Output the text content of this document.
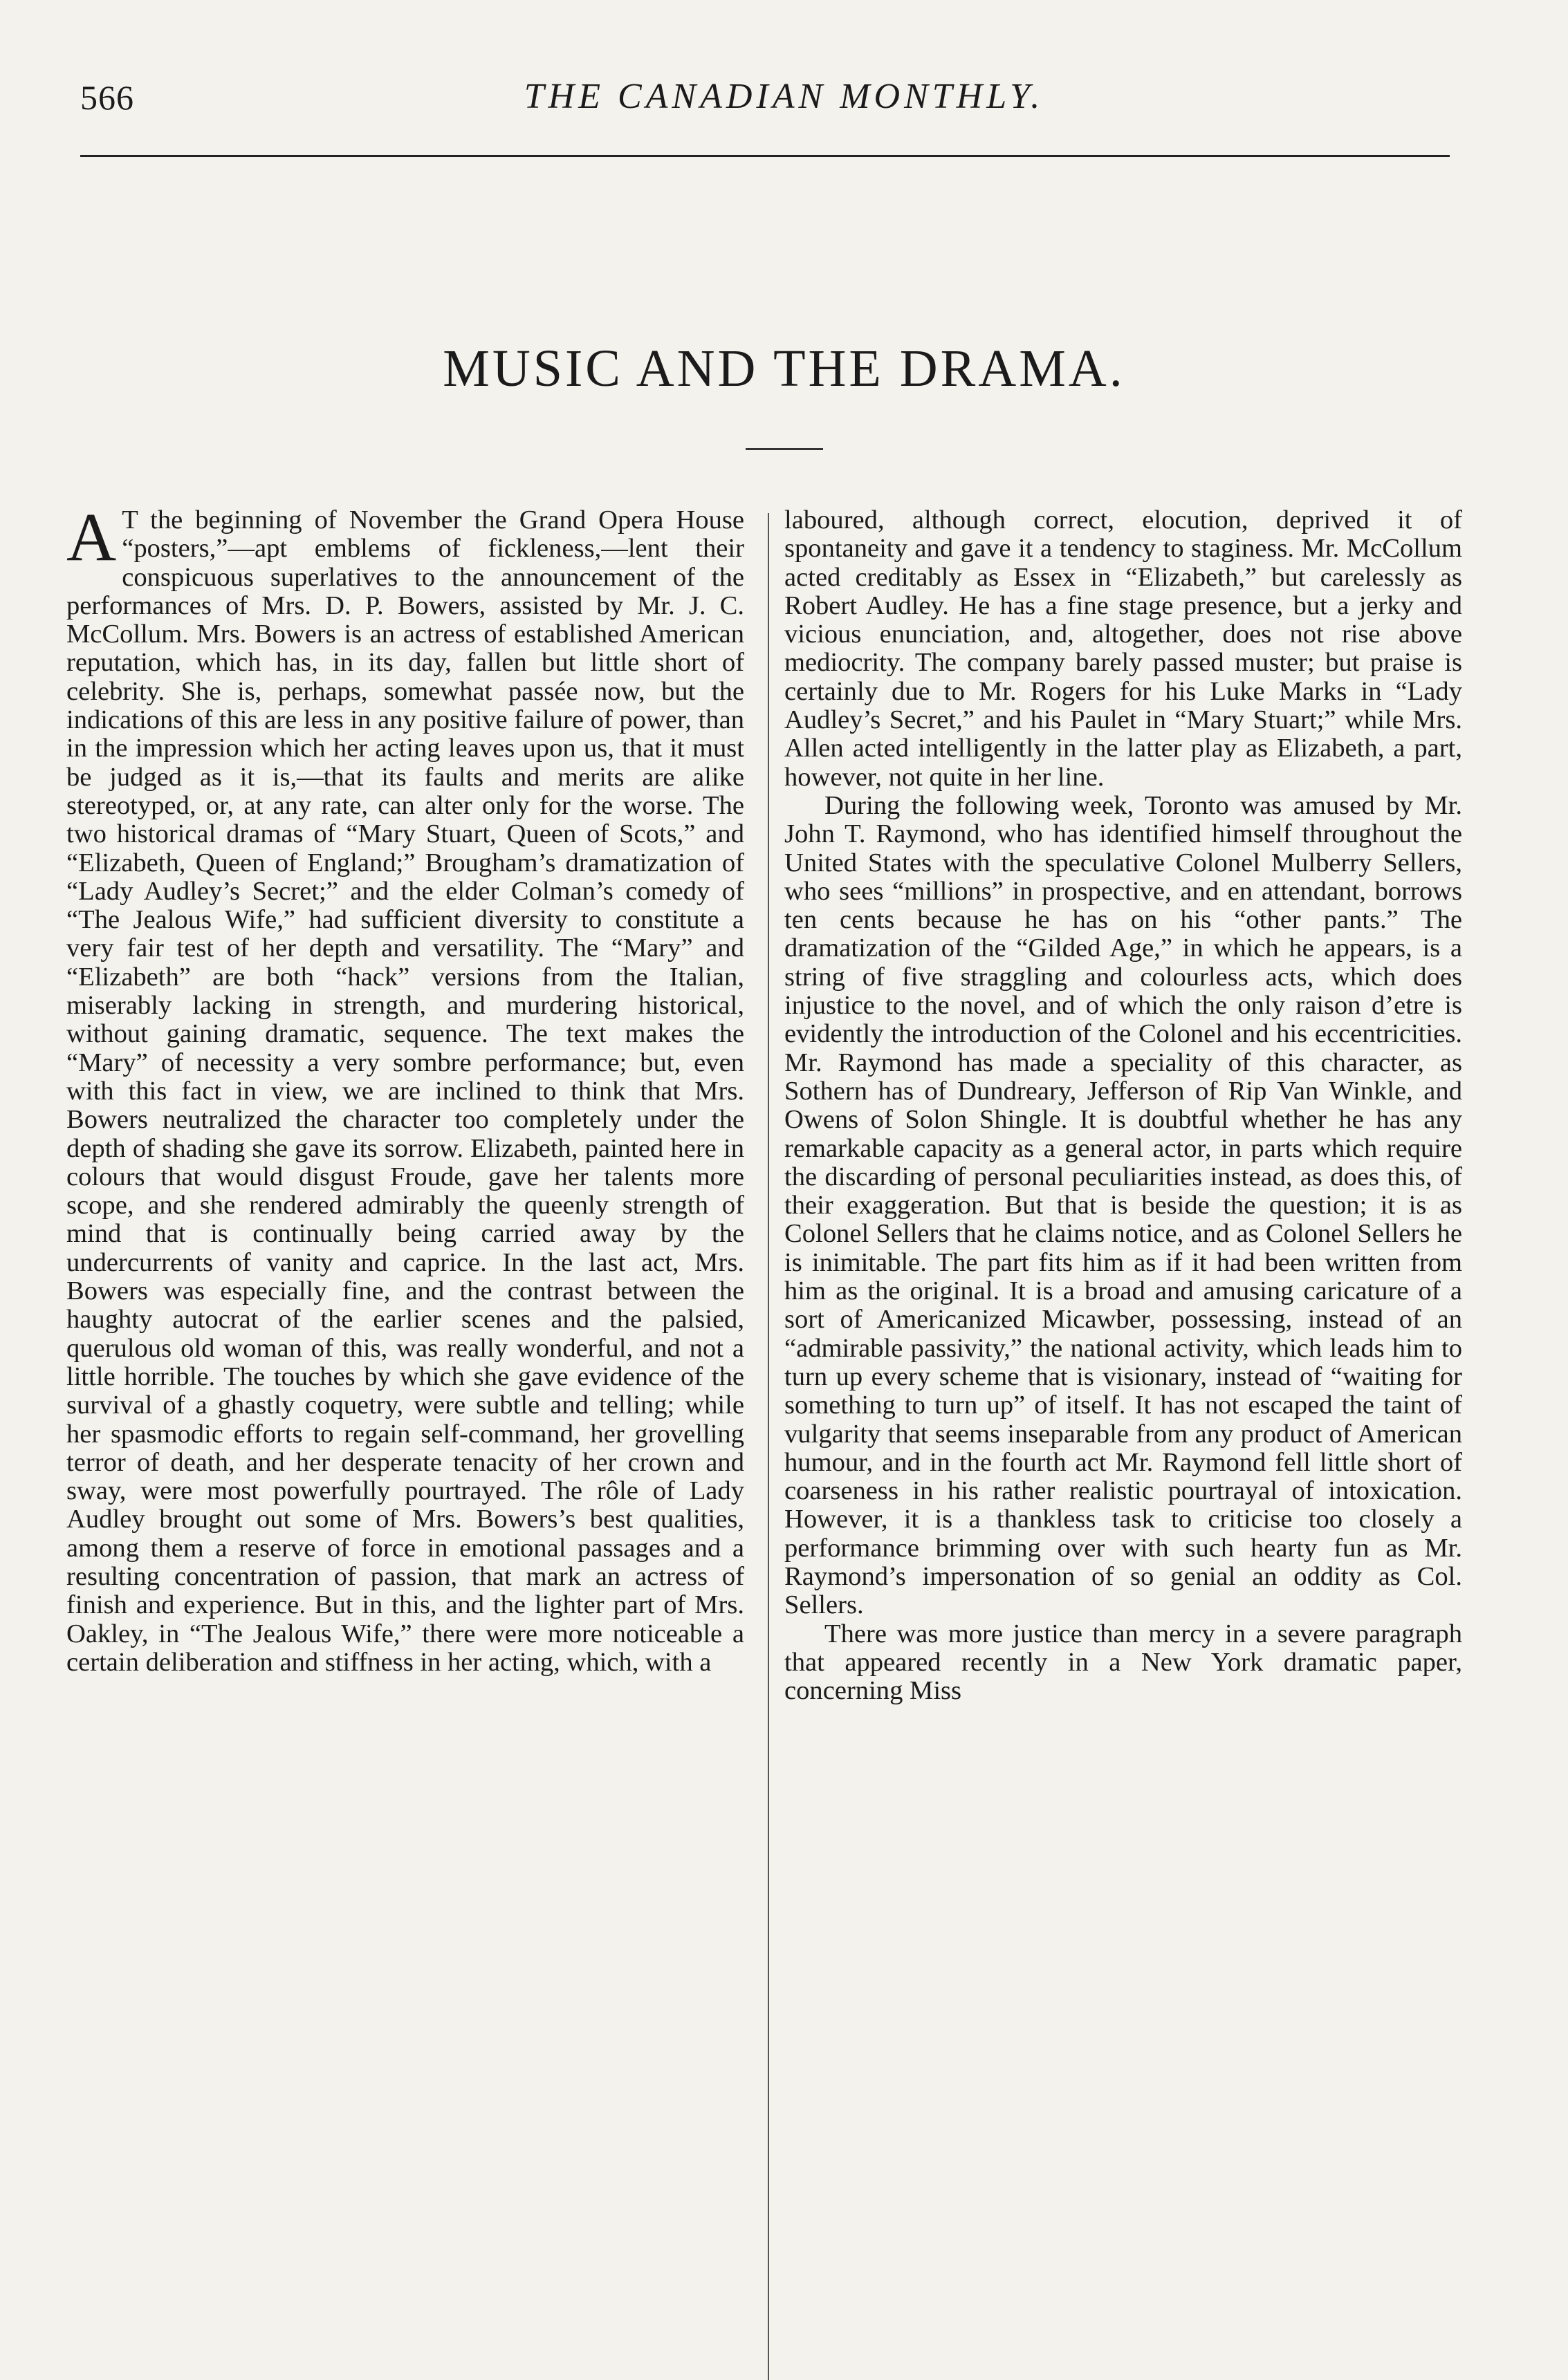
566	THE CANADIAN MONTHLY.
MUSIC AND THE DRAMA.

A T the beginning of November the Grand Opera House “posters,”—apt emblems of fickleness,—lent their conspicuous superlatives to the announcement of the performances of Mrs. D. P. Bowers, assisted by Mr. J. C. McCollum. Mrs. Bowers is an actress of established American reputation, which has, in its day, fallen but little short of celebrity. She is, perhaps, somewhat passée now, but the indications of this are less in any positive failure of power, than in the impression which her acting leaves upon us, that it must be judged as it is,—that its faults and merits are alike stereotyped, or, at any rate, can alter only for the worse. The two historical dramas of “Mary Stuart, Queen of Scots,” and “Elizabeth, Queen of England;” Brougham’s dramatization of “Lady Audley’s Secret;” and the elder Colman’s comedy of “The Jealous Wife,” had sufficient diversity to constitute a very fair test of her depth and versatility. The “Mary” and “Elizabeth” are both “hack” versions from the Italian, miserably lacking in strength, and murdering historical, without gaining dramatic, sequence. The text makes the “Mary” of necessity a very sombre performance; but, even with this fact in view, we are inclined to think that Mrs. Bowers neutralized the character too completely under the depth of shading she gave its sorrow. Elizabeth, painted here in colours that would disgust Froude, gave her talents more scope, and she rendered admirably the queenly strength of mind that is continually being carried away by the undercurrents of vanity and caprice. In the last act, Mrs. Bowers was especially fine, and the contrast between the haughty autocrat of the earlier scenes and the palsied, querulous old woman of this, was really wonderful, and not a little horrible. The touches by which she gave evidence of the survival of a ghastly coquetry, were subtle and telling; while her spasmodic efforts to regain self-command, her grovelling terror of death, and her desperate tenacity of her crown and sway, were most powerfully pourtrayed. The rôle of Lady Audley brought out some of Mrs. Bowers’s best qualities, among them a reserve of force in emotional passages and a resulting concentration of passion, that mark an actress of finish and experience. But in this, and the lighter part of Mrs. Oakley, in “The Jealous Wife,” there were more noticeable a certain deliberation and stiffness in her acting, which, with a

laboured, although correct, elocution, deprived it of spontaneity and gave it a tendency to staginess. Mr. McCollum acted creditably as Essex in “Elizabeth,” but carelessly as Robert Audley. He has a fine stage presence, but a jerky and vicious enunciation, and, altogether, does not rise above mediocrity. The company barely passed muster; but praise is certainly due to Mr. Rogers for his Luke Marks in “Lady Audley’s Secret,” and his Paulet in “Mary Stuart;” while Mrs. Allen acted intelligently in the latter play as Elizabeth, a part, however, not quite in her line.

During the following week, Toronto was amused by Mr. John T. Raymond, who has identified himself throughout the United States with the speculative Colonel Mulberry Sellers, who sees “millions” in prospective, and en attendant, borrows ten cents because he has on his “other pants.” The dramatization of the “Gilded Age,” in which he appears, is a string of five straggling and colourless acts, which does injustice to the novel, and of which the only raison d’etre is evidently the introduction of the Colonel and his eccentricities. Mr. Raymond has made a speciality of this character, as Sothern has of Dundreary, Jefferson of Rip Van Winkle, and Owens of Solon Shingle. It is doubtful whether he has any remarkable capacity as a general actor, in parts which require the discarding of personal peculiarities instead, as does this, of their exaggeration. But that is beside the question; it is as Colonel Sellers that he claims notice, and as Colonel Sellers he is inimitable. The part fits him as if it had been written from him as the original. It is a broad and amusing caricature of a sort of Americanized Micawber, possessing, instead of an “admirable passivity,” the national activity, which leads him to turn up every scheme that is visionary, instead of “waiting for something to turn up” of itself. It has not escaped the taint of vulgarity that seems inseparable from any product of American humour, and in the fourth act Mr. Raymond fell little short of coarseness in his rather realistic pourtrayal of intoxication. However, it is a thankless task to criticise too closely a performance brimming over with such hearty fun as Mr. Raymond’s impersonation of so genial an oddity as Col. Sellers.

There was more justice than mercy in a severe paragraph that appeared recently in a New York dramatic paper, concerning Miss
